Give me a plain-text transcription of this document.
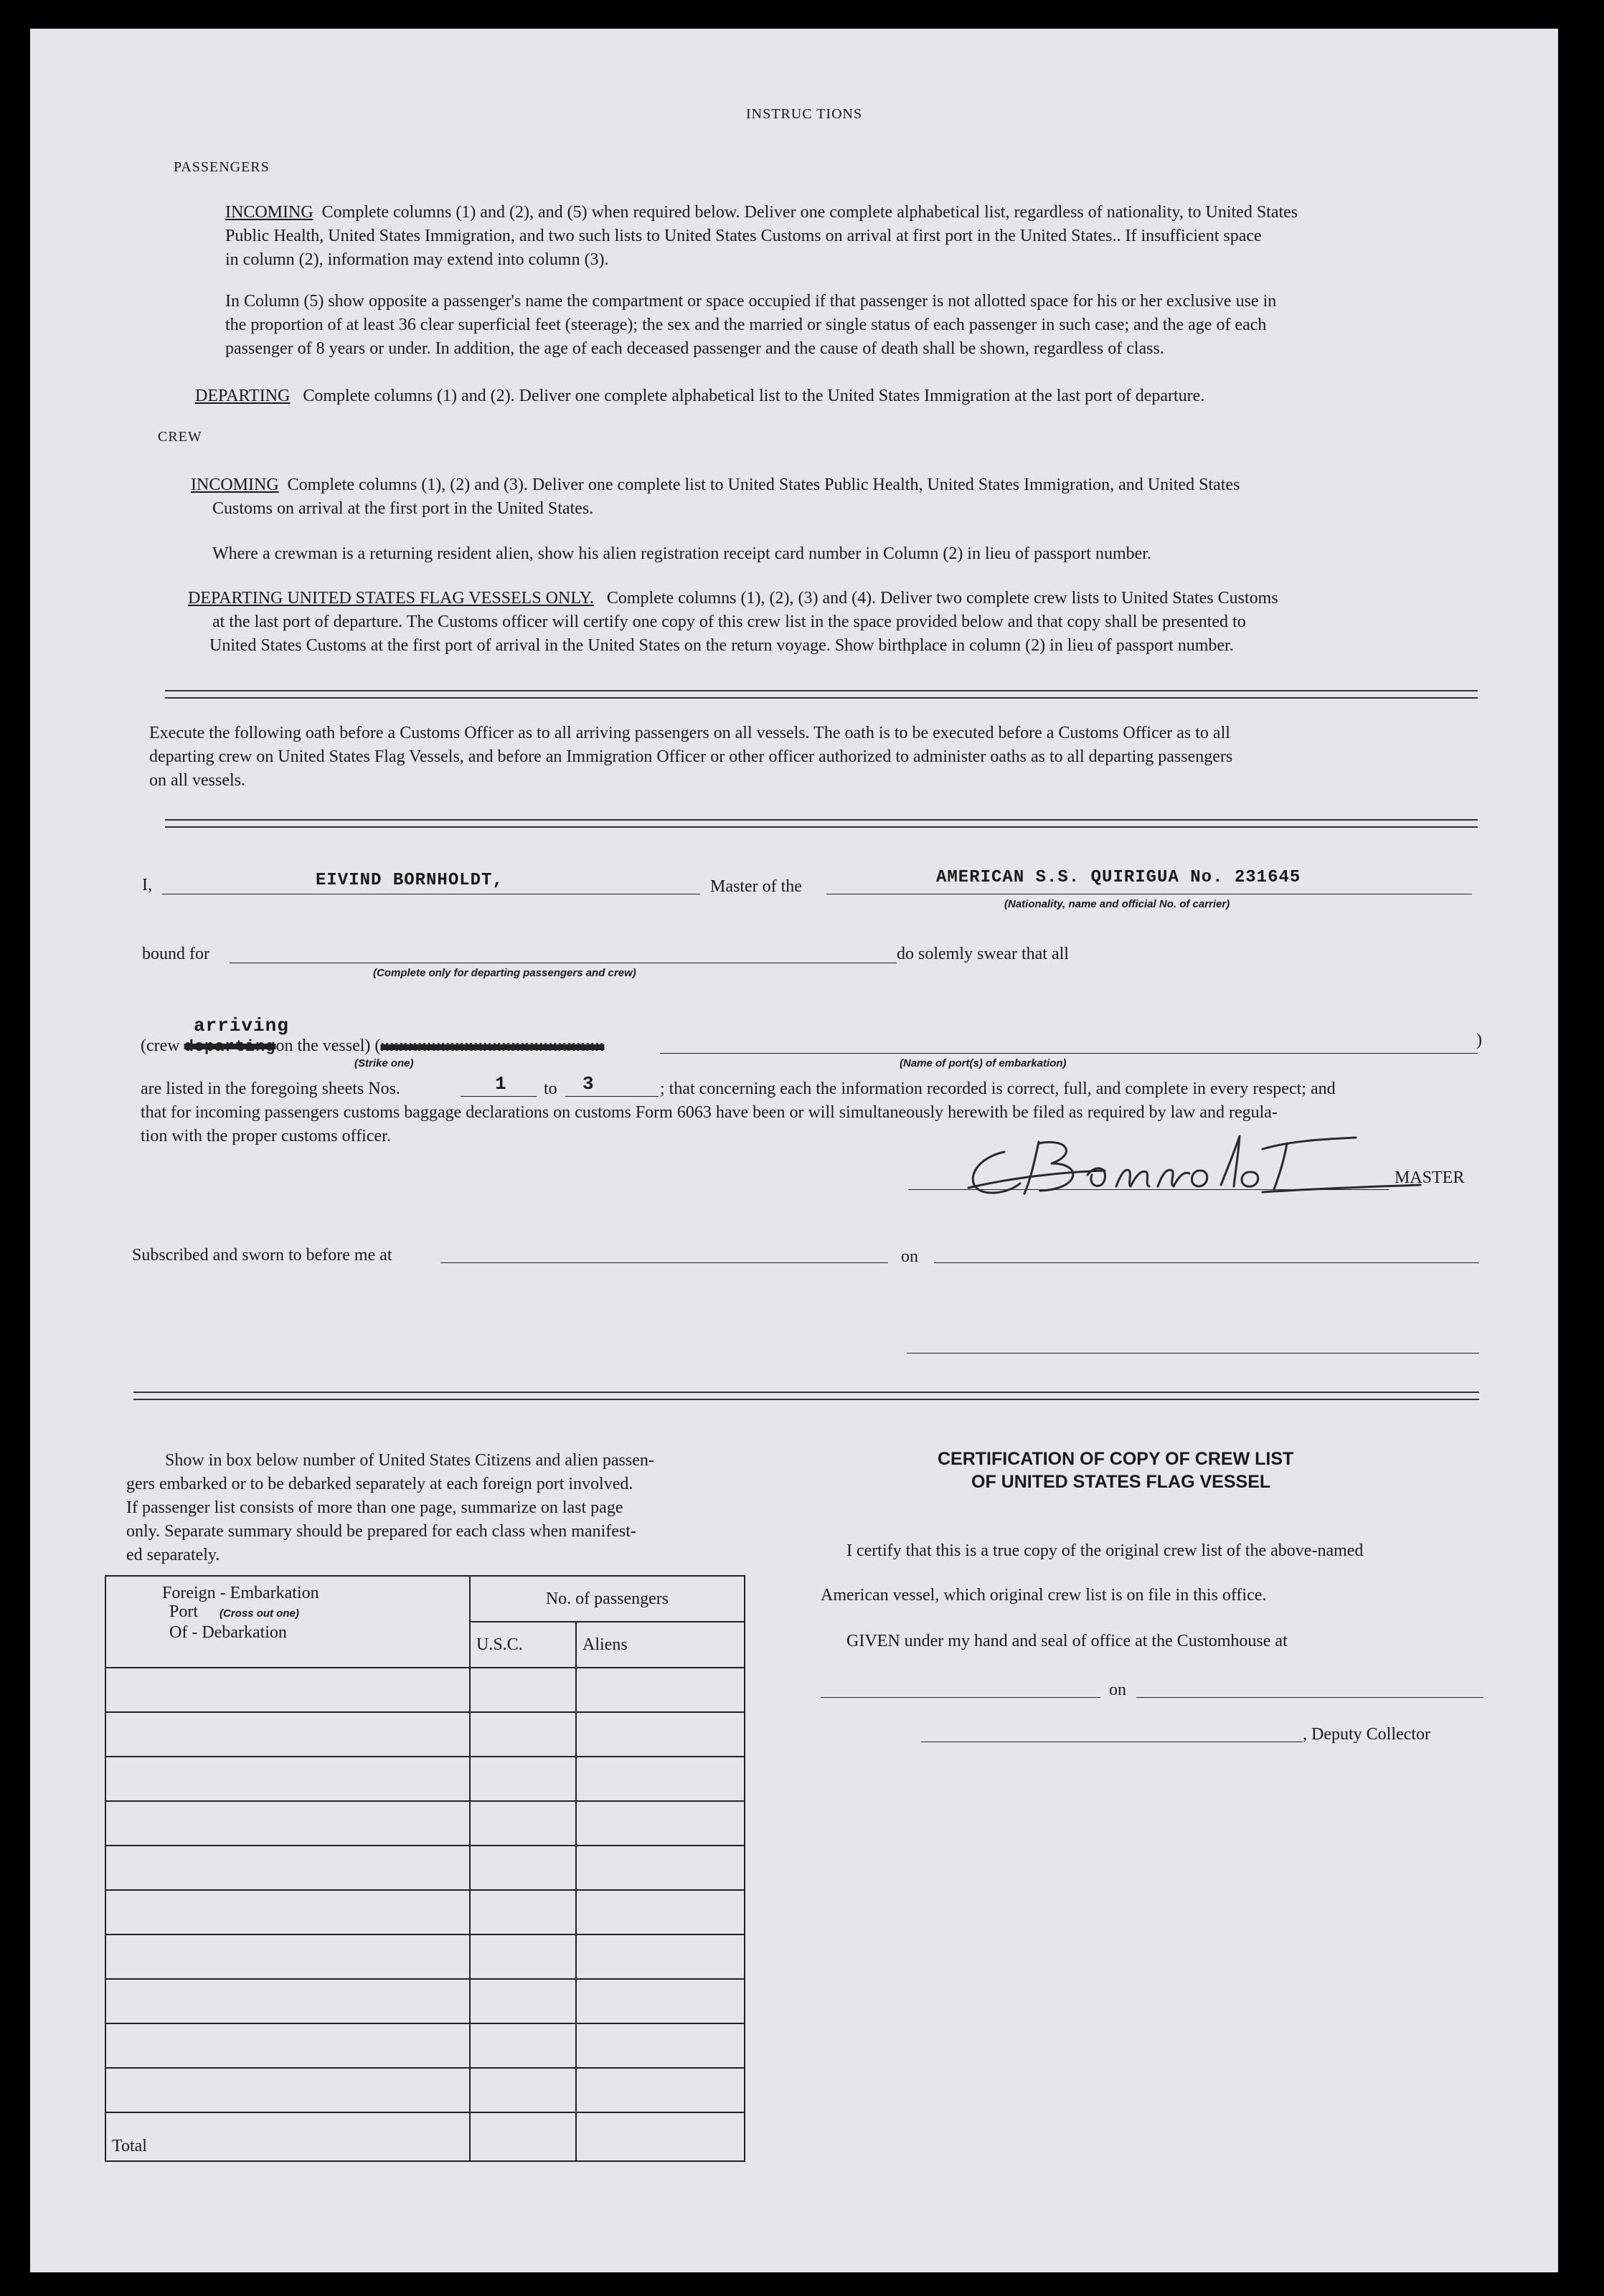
INSTRUC TIONS
PASSENGERS
INCOMING Complete columns (1) and (2), and (5) when required below. Deliver one complete alphabetical list, regardless of nationality, to United States
Public Health, United States Immigration, and two such lists to United States Customs on arrival at first port in the United States.. If insufficient space
in column (2), information may extend into column (3).
In Column (5) show opposite a passenger's name the compartment or space occupied if that passenger is not allotted space for his or her exclusive use in
the proportion of at least 36 clear superficial feet (steerage); the sex and the married or single status of each passenger in such case; and the age of each
passenger of 8 years or under. In addition, the age of each deceased passenger and the cause of death shall be shown, regardless of class.
DEPARTING Complete columns (1) and (2). Deliver one complete alphabetical list to the United States Immigration at the last port of departure.
CREW
INCOMING Complete columns (1), (2) and (3). Deliver one complete list to United States Public Health, United States Immigration, and United States
Customs on arrival at the first port in the United States.
Where a crewman is a returning resident alien, show his alien registration receipt card number in Column (2) in lieu of passport number.
DEPARTING UNITED STATES FLAG VESSELS ONLY. Complete columns (1), (2), (3) and (4). Deliver two complete crew lists to United States Customs
at the last port of departure. The Customs officer will certify one copy of this crew list in the space provided below and that copy shall be presented to
United States Customs at the first port of arrival in the United States on the return voyage. Show birthplace in column (2) in lieu of passport number.
Execute the following oath before a Customs Officer as to all arriving passengers on all vessels. The oath is to be executed before a Customs Officer as to all
departing crew on United States Flag Vessels, and before an Immigration Officer or other officer authorized to administer oaths as to all departing passengers
on all vessels.
I,	EIVIND BORNHOLDT,	Master of the	AMERICAN S.S. QUIRIGUA No. 231645
(Nationality, name and official No. of carrier)
bound for
(Complete only for departing passengers and crew)
do solemly swear that all
arriving
(crew departingon the vessel) (xxxxxxxxxxxxxxxxxxxxxxxx	)
(Strike one)	(Name of port(s) of embarkation)
are listed in the foregoing sheets Nos.	1 to 3	; that concerning each the information recorded is correct, full, and complete in every respect; and
that for incoming passengers customs baggage declarations on customs Form 6063 have been or will simultaneously herewith be filed as required by law and regula-
tion with the proper customs officer.
MASTER
Subscribed and sworn to before me at	on
Show in box below number of United States Citizens and alien passen-
gers embarked or to be debarked separately at each foreign port involved.
If passenger list consists of more than one page, summarize on last page
only. Separate summary should be prepared for each class when manifest-
ed separately.
Foreign - Embarkation
Port (Cross out one)
Of - Debarkation	No. of passengers	
	U.S.C.	Aliens

Total		
CERTIFICATION OF COPY OF CREW LIST
OF UNITED STATES FLAG VESSEL
I certify that this is a true copy of the original crew list of the above-named
American vessel, which original crew list is on file in this office.
GIVEN under my hand and seal of office at the Customhouse at
on
, Deputy Collector
